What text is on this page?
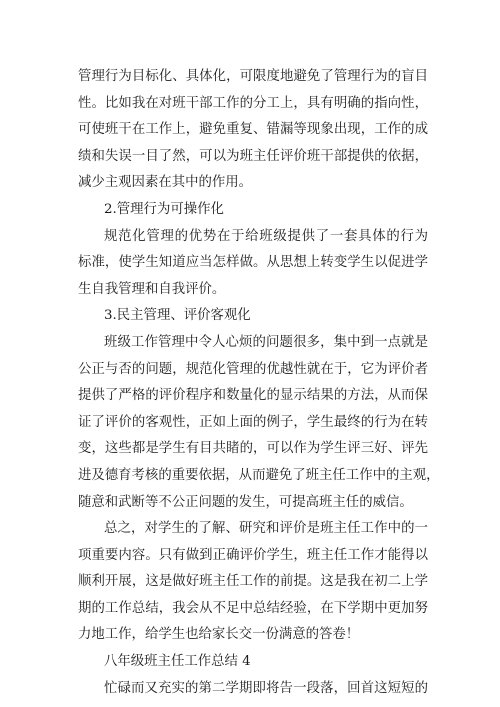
管理行为目标化、具体化，可限度地避免了管理行为的盲目
性。比如我在对班干部工作的分工上，具有明确的指向性，
可使班干在工作上，避免重复、错漏等现象出现，工作的成
绩和失误一目了然，可以为班主任评价班干部提供的依据，
减少主观因素在其中的作用。
2.管理行为可操作化
规范化管理的优势在于给班级提供了一套具体的行为
标准，使学生知道应当怎样做。从思想上转变学生以促进学
生自我管理和自我评价。
3.民主管理、评价客观化
班级工作管理中令人心烦的问题很多，集中到一点就是
公正与否的问题，规范化管理的优越性就在于，它为评价者
提供了严格的评价程序和数量化的显示结果的方法，从而保
证了评价的客观性，正如上面的例子，学生最终的行为在转
变，这些都是学生有目共睹的，可以作为学生评三好、评先
进及德育考核的重要依据，从而避免了班主任工作中的主观，
随意和武断等不公正问题的发生，可提高班主任的威信。
总之，对学生的了解、研究和评价是班主任工作中的一
项重要内容。只有做到正确评价学生，班主任工作才能得以
顺利开展，这是做好班主任工作的前提。这是我在初二上学
期的工作总结，我会从不足中总结经验，在下学期中更加努
力地工作，给学生也给家长交一份满意的答卷！
八年级班主任工作总结 4
忙碌而又充实的第二学期即将告一段落，回首这短短的
